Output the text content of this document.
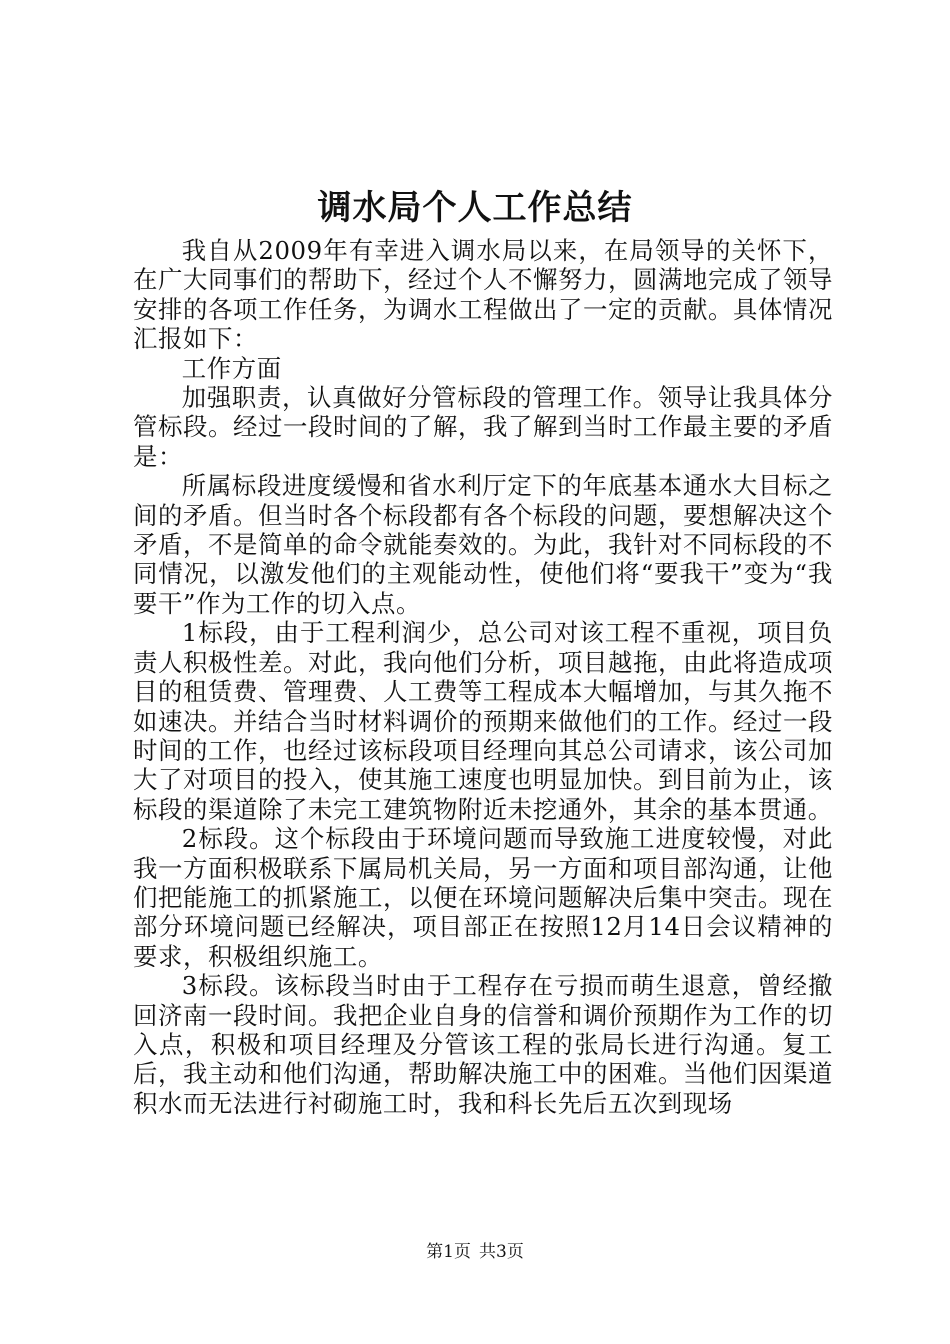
调水局个人工作总结

我自从2009年有幸进入调水局以来，在局领导的关怀下，在广大同事们的帮助下，经过个人不懈努力，圆满地完成了领导安排的各项工作任务，为调水工程做出了一定的贡献。具体情况汇报如下：

工作方面

加强职责，认真做好分管标段的管理工作。领导让我具体分管标段。经过一段时间的了解，我了解到当时工作最主要的矛盾是：

所属标段进度缓慢和省水利厅定下的年底基本通水大目标之间的矛盾。但当时各个标段都有各个标段的问题，要想解决这个矛盾，不是简单的命令就能奏效的。为此，我针对不同标段的不同情况，以激发他们的主观能动性，使他们将“要我干”变为“我要干”作为工作的切入点。

1标段，由于工程利润少，总公司对该工程不重视，项目负责人积极性差。对此，我向他们分析，项目越拖，由此将造成项目的租赁费、管理费、人工费等工程成本大幅增加，与其久拖不如速决。并结合当时材料调价的预期来做他们的工作。经过一段时间的工作，也经过该标段项目经理向其总公司请求，该公司加大了对项目的投入，使其施工速度也明显加快。到目前为止，该标段的渠道除了未完工建筑物附近未挖通外，其余的基本贯通。

2标段。这个标段由于环境问题而导致施工进度较慢，对此我一方面积极联系下属局机关局，另一方面和项目部沟通，让他们把能施工的抓紧施工，以便在环境问题解决后集中突击。现在部分环境问题已经解决，项目部正在按照12月14日会议精神的要求，积极组织施工。

3标段。该标段当时由于工程存在亏损而萌生退意，曾经撤回济南一段时间。我把企业自身的信誉和调价预期作为工作的切入点，积极和项目经理及分管该工程的张局长进行沟通。复工后，我主动和他们沟通，帮助解决施工中的困难。当他们因渠道积水而无法进行衬砌施工时，我和科长先后五次到现场

第1页 共3页
